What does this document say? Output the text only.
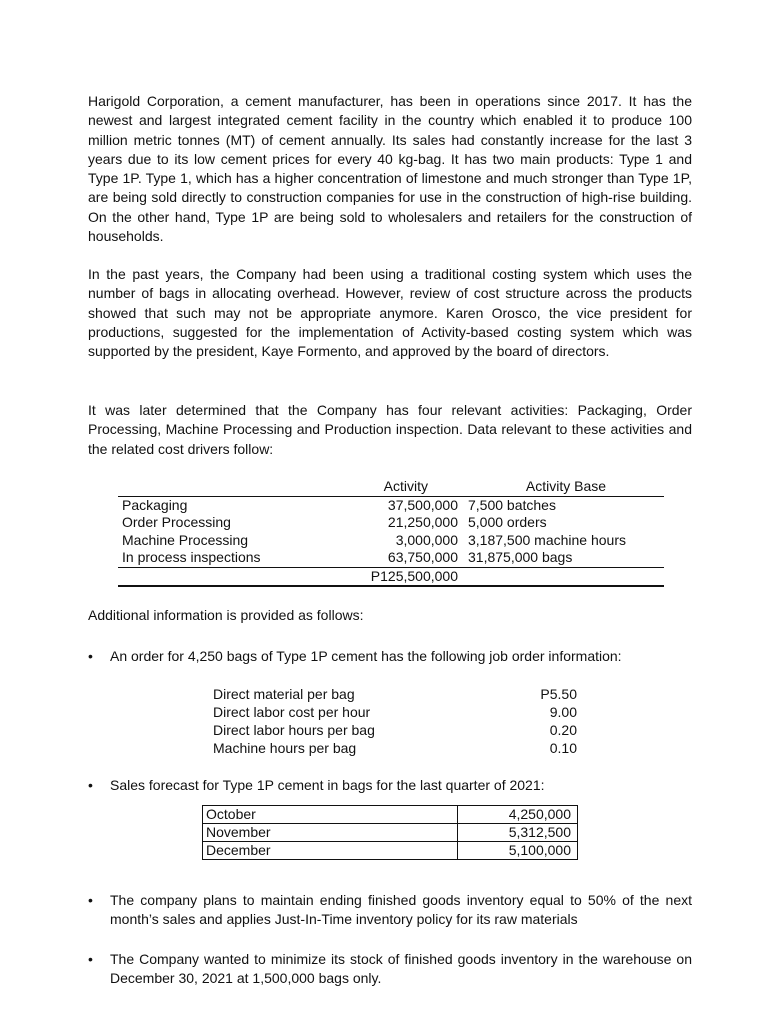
Harigold Corporation, a cement manufacturer, has been in operations since 2017. It has the newest and largest integrated cement facility in the country which enabled it to produce 100 million metric tonnes (MT) of cement annually. Its sales had constantly increase for the last 3 years due to its low cement prices for every 40 kg-bag. It has two main products: Type 1 and Type 1P. Type 1, which has a higher concentration of limestone and much stronger than Type 1P, are being sold directly to construction companies for use in the construction of high-rise building. On the other hand, Type 1P are being sold to wholesalers and retailers for the construction of households.

In the past years, the Company had been using a traditional costing system which uses the number of bags in allocating overhead. However, review of cost structure across the products showed that such may not be appropriate anymore. Karen Orosco, the vice president for productions, suggested for the implementation of Activity-based costing system which was supported by the president, Kaye Formento, and approved by the board of directors.

It was later determined that the Company has four relevant activities: Packaging, Order Processing, Machine Processing and Production inspection. Data relevant to these activities and the related cost drivers follow:

	Activity	Activity Base
Packaging	37,500,000	7,500 batches
Order Processing	21,250,000	5,000 orders
Machine Processing	3,000,000	3,187,500 machine hours
In process inspections	63,750,000	31,875,000 bags
	P125,500,000	
Additional information is provided as follows:
• An order for 4,250 bags of Type 1P cement has the following job order information:
Direct material per bag	P5.50
Direct labor cost per hour	9.00
Direct labor hours per bag	0.20
Machine hours per bag	0.10
• Sales forecast for Type 1P cement in bags for the last quarter of 2021:
October	4,250,000
November	5,312,500
December	5,100,000
• The company plans to maintain ending finished goods inventory equal to 50% of the next month’s sales and applies Just-In-Time inventory policy for its raw materials
• The Company wanted to minimize its stock of finished goods inventory in the warehouse on December 30, 2021 at 1,500,000 bags only.
